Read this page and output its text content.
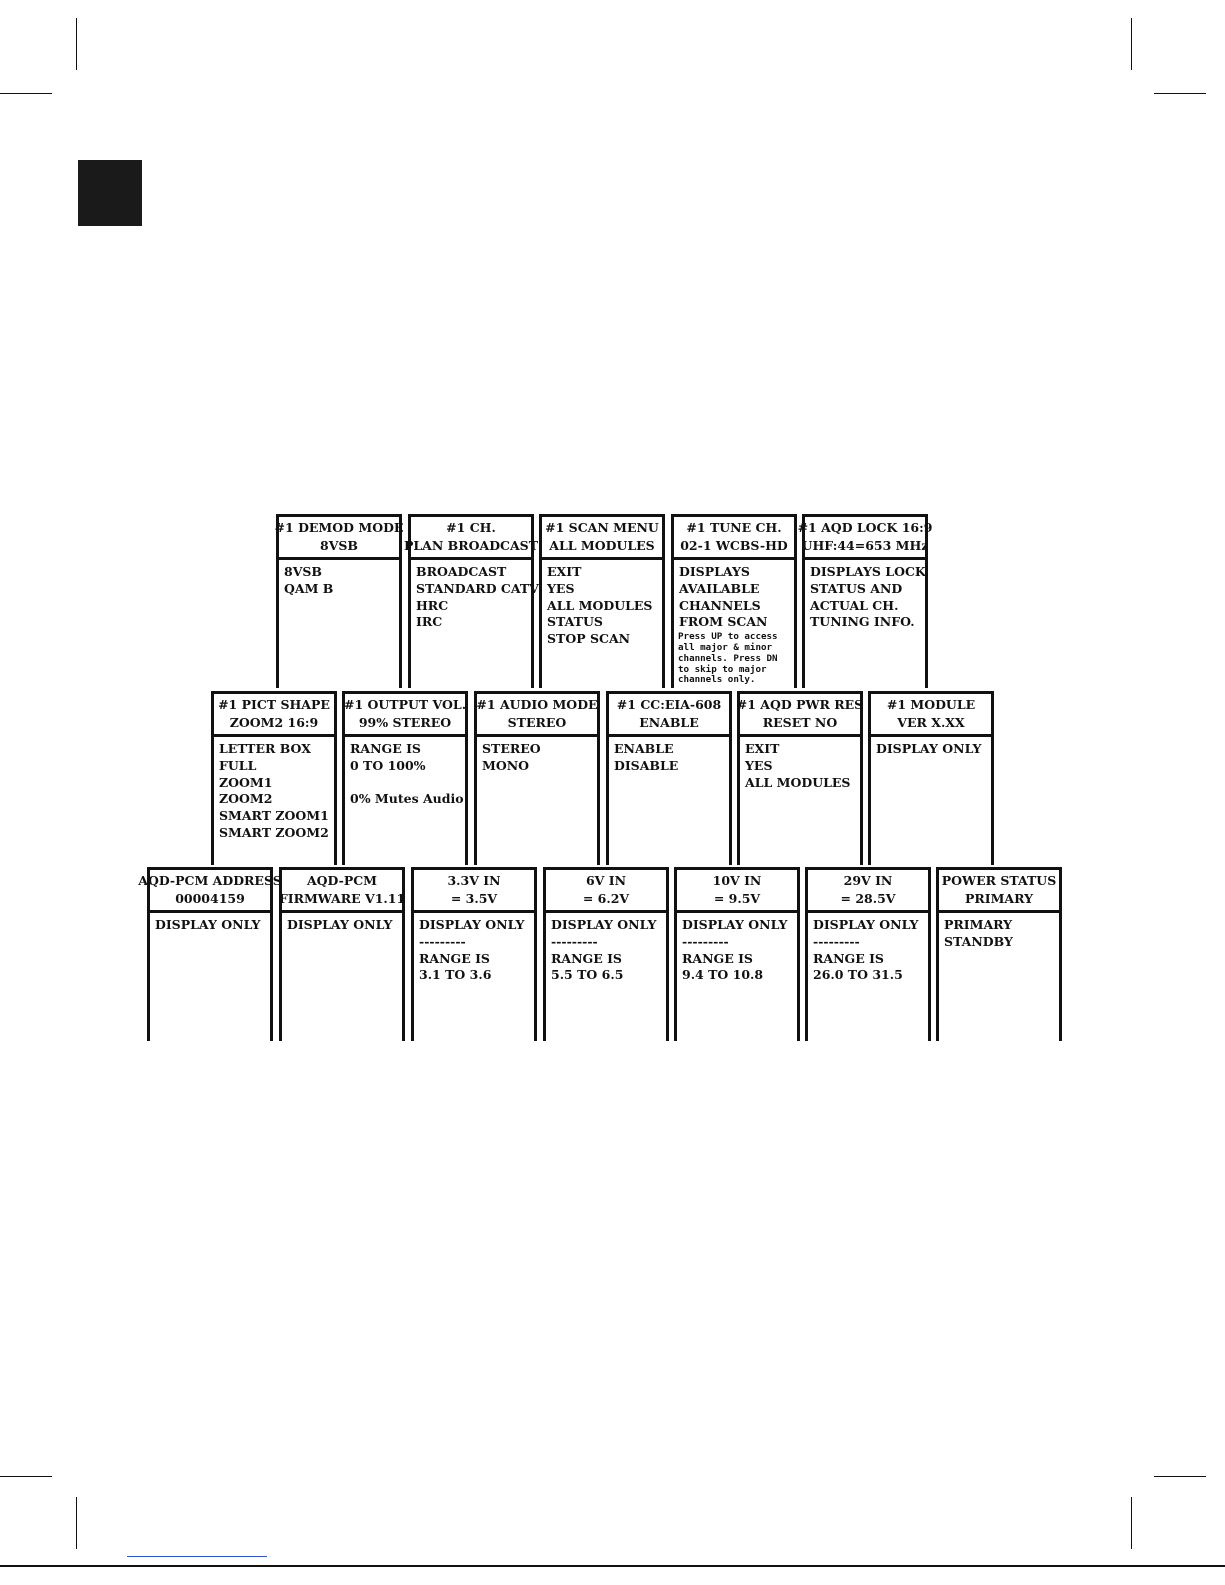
#1 DEMOD MODE
8VSB
8VSB
QAM B
#1 CH.
PLAN BROADCAST
BROADCAST
STANDARD CATV
HRC
IRC
#1 SCAN MENU
ALL MODULES
EXIT
YES
ALL MODULES
STATUS
STOP SCAN
#1 TUNE CH.
02-1 WCBS-HD
DISPLAYS
AVAILABLE
CHANNELS
FROM SCAN
Press UP to access
all major & minor
channels. Press DN
to skip to major
channels only.
#1 AQD LOCK 16:9
UHF:44=653 MHz
DISPLAYS LOCK
STATUS AND
ACTUAL CH.
TUNING INFO.
#1 PICT SHAPE
ZOOM2 16:9
LETTER BOX
FULL
ZOOM1
ZOOM2
SMART ZOOM1
SMART ZOOM2
#1 OUTPUT VOL.
99% STEREO
RANGE IS
0 TO 100%
0% Mutes Audio
#1 AUDIO MODE
STEREO
STEREO
MONO
#1 CC:EIA-608
ENABLE
ENABLE
DISABLE
#1 AQD PWR RES
RESET NO
EXIT
YES
ALL MODULES
#1 MODULE
VER X.XX
DISPLAY ONLY
AQD-PCM ADDRESS
00004159
DISPLAY ONLY
AQD-PCM
FIRMWARE V1.11
DISPLAY ONLY
3.3V IN
= 3.5V
DISPLAY ONLY
---------
RANGE IS
3.1 TO 3.6
6V IN
= 6.2V
DISPLAY ONLY
---------
RANGE IS
5.5 TO 6.5
10V IN
= 9.5V
DISPLAY ONLY
---------
RANGE IS
9.4 TO 10.8
29V IN
= 28.5V
DISPLAY ONLY
---------
RANGE IS
26.0 TO 31.5
POWER STATUS
PRIMARY
PRIMARY
STANDBY
